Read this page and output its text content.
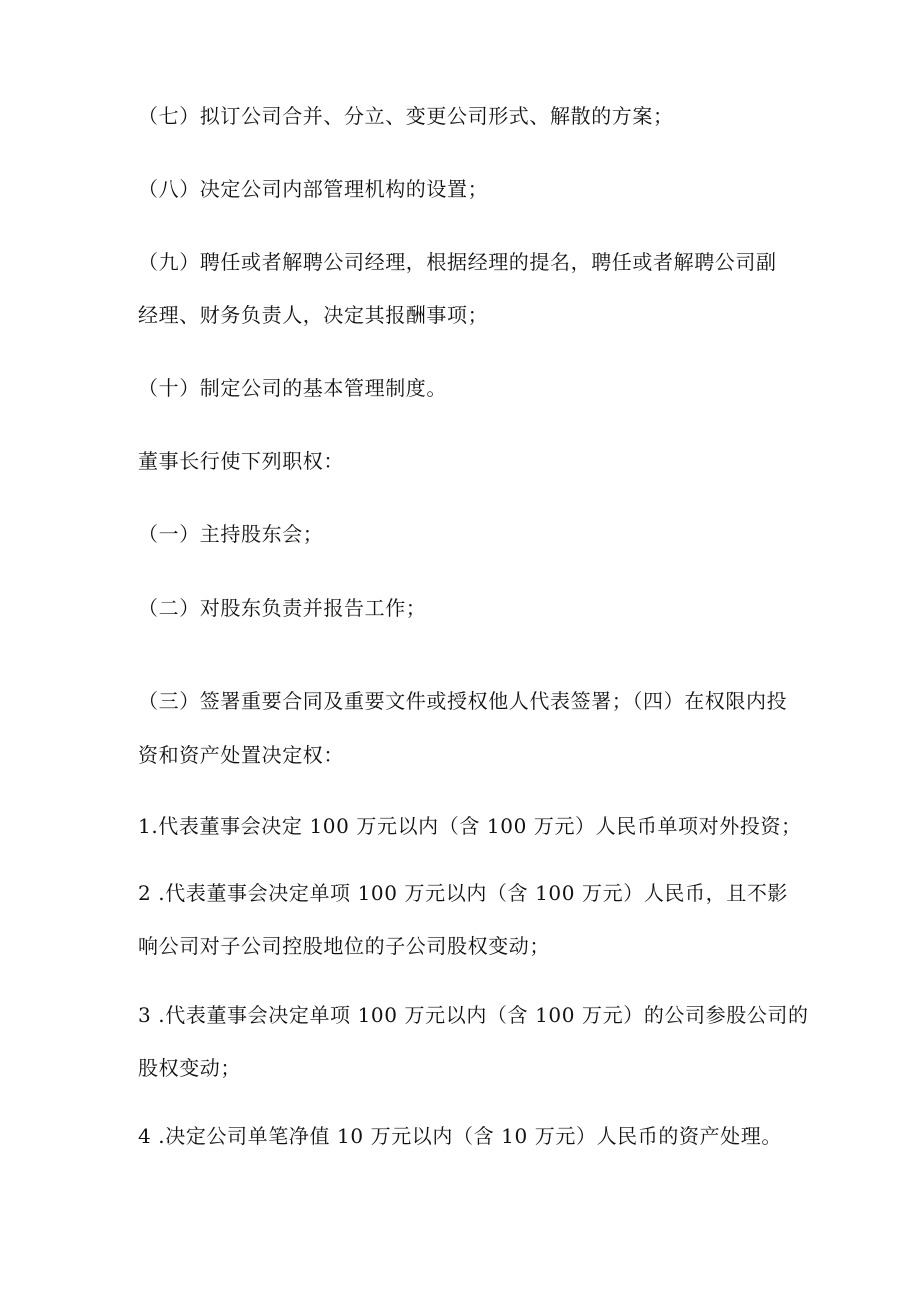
（七）拟订公司合并、分立、变更公司形式、解散的方案；
（八）决定公司内部管理机构的设置；
（九）聘任或者解聘公司经理，根据经理的提名，聘任或者解聘公司副
经理、财务负责人，决定其报酬事项；
（十）制定公司的基本管理制度。
董事长行使下列职权：
（一）主持股东会；
（二）对股东负责并报告工作；
（三）签署重要合同及重要文件或授权他人代表签署；（四）在权限内投
资和资产处置决定权：
1.代表董事会决定 100 万元以内（含 100 万元）人民币单项对外投资；
2 .代表董事会决定单项 100 万元以内（含 100 万元）人民币，且不影
响公司对子公司控股地位的子公司股权变动；
3 .代表董事会决定单项 100 万元以内（含 100 万元）的公司参股公司的
股权变动；
4 .决定公司单笔净值 10 万元以内（含 10 万元）人民币的资产处理。
